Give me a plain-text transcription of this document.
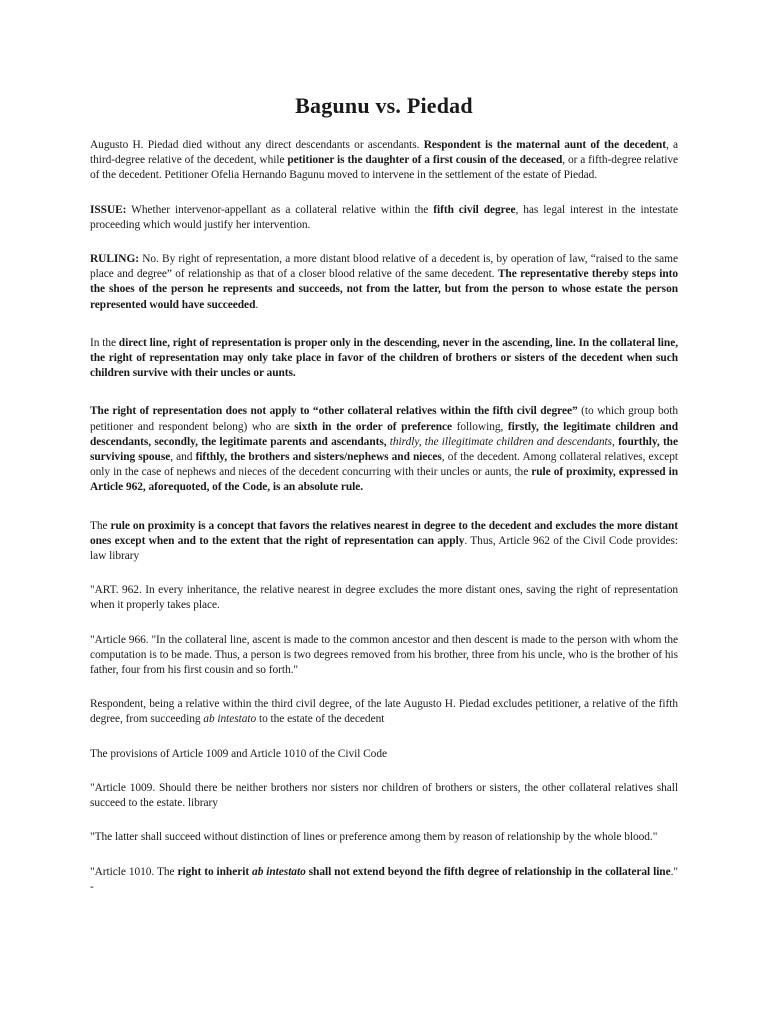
Bagunu vs. Piedad

Augusto H. Piedad died without any direct descendants or ascendants. Respondent is the maternal aunt of the decedent, a third-degree relative of the decedent, while petitioner is the daughter of a first cousin of the deceased, or a fifth-degree relative of the decedent. Petitioner Ofelia Hernando Bagunu moved to intervene in the settlement of the estate of Piedad.

ISSUE: Whether intervenor-appellant as a collateral relative within the fifth civil degree, has legal interest in the intestate proceeding which would justify her intervention.

RULING: No. By right of representation, a more distant blood relative of a decedent is, by operation of law, “raised to the same place and degree” of relationship as that of a closer blood relative of the same decedent. The representative thereby steps into the shoes of the person he represents and succeeds, not from the latter, but from the person to whose estate the person represented would have succeeded.

In the direct line, right of representation is proper only in the descending, never in the ascending, line. In the collateral line, the right of representation may only take place in favor of the children of brothers or sisters of the decedent when such children survive with their uncles or aunts.

The right of representation does not apply to “other collateral relatives within the fifth civil degree” (to which group both petitioner and respondent belong) who are sixth in the order of preference following, firstly, the legitimate children and descendants, secondly, the legitimate parents and ascendants, thirdly, the illegitimate children and descendants, fourthly, the surviving spouse, and fifthly, the brothers and sisters/nephews and nieces, of the decedent. Among collateral relatives, except only in the case of nephews and nieces of the decedent concurring with their uncles or aunts, the rule of proximity, expressed in Article 962, aforequoted, of the Code, is an absolute rule.

The rule on proximity is a concept that favors the relatives nearest in degree to the decedent and excludes the more distant ones except when and to the extent that the right of representation can apply. Thus, Article 962 of the Civil Code provides: law library

"ART. 962. In every inheritance, the relative nearest in degree excludes the more distant ones, saving the right of representation when it properly takes place.

"Article 966. "In the collateral line, ascent is made to the common ancestor and then descent is made to the person with whom the computation is to be made. Thus, a person is two degrees removed from his brother, three from his uncle, who is the brother of his father, four from his first cousin and so forth."

Respondent, being a relative within the third civil degree, of the late Augusto H. Piedad excludes petitioner, a relative of the fifth degree, from succeeding ab intestato to the estate of the decedent

The provisions of Article 1009 and Article 1010 of the Civil Code

"Article 1009. Should there be neither brothers nor sisters nor children of brothers or sisters, the other collateral relatives shall succeed to the estate. library

"The latter shall succeed without distinction of lines or preference among them by reason of relationship by the whole blood."

"Article 1010. The right to inherit ab intestato shall not extend beyond the fifth degree of relationship in the collateral line." -
